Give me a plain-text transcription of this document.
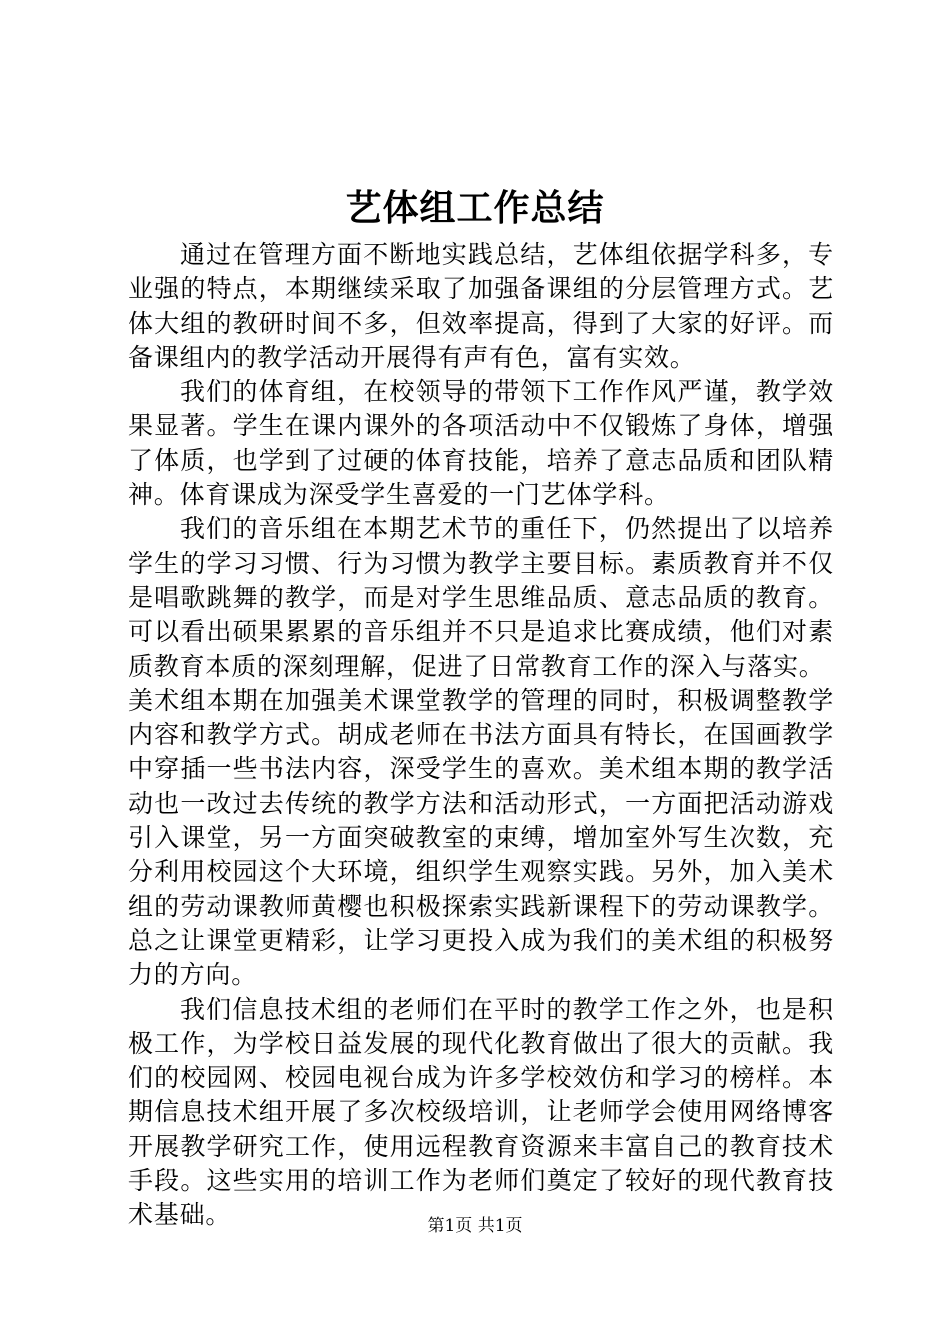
艺体组工作总结

通过在管理方面不断地实践总结，艺体组依据学科多，专业强的特点，本期继续采取了加强备课组的分层管理方式。艺体大组的教研时间不多，但效率提高，得到了大家的好评。而备课组内的教学活动开展得有声有色，富有实效。

我们的体育组，在校领导的带领下工作作风严谨，教学效果显著。学生在课内课外的各项活动中不仅锻炼了身体，增强了体质，也学到了过硬的体育技能，培养了意志品质和团队精神。体育课成为深受学生喜爱的一门艺体学科。

我们的音乐组在本期艺术节的重任下，仍然提出了以培养学生的学习习惯、行为习惯为教学主要目标。素质教育并不仅是唱歌跳舞的教学，而是对学生思维品质、意志品质的教育。可以看出硕果累累的音乐组并不只是追求比赛成绩，他们对素质教育本质的深刻理解，促进了日常教育工作的深入与落实。

美术组本期在加强美术课堂教学的管理的同时，积极调整教学内容和教学方式。胡成老师在书法方面具有特长，在国画教学中穿插一些书法内容，深受学生的喜欢。美术组本期的教学活动也一改过去传统的教学方法和活动形式，一方面把活动游戏引入课堂，另一方面突破教室的束缚，增加室外写生次数，充分利用校园这个大环境，组织学生观察实践。另外，加入美术组的劳动课教师黄樱也积极探索实践新课程下的劳动课教学。总之让课堂更精彩，让学习更投入成为我们的美术组的积极努力的方向。

我们信息技术组的老师们在平时的教学工作之外，也是积极工作，为学校日益发展的现代化教育做出了很大的贡献。我们的校园网、校园电视台成为许多学校效仿和学习的榜样。本期信息技术组开展了多次校级培训，让老师学会使用网络博客开展教学研究工作，使用远程教育资源来丰富自己的教育技术手段。这些实用的培训工作为老师们奠定了较好的现代教育技术基础。	第1页 共1页
